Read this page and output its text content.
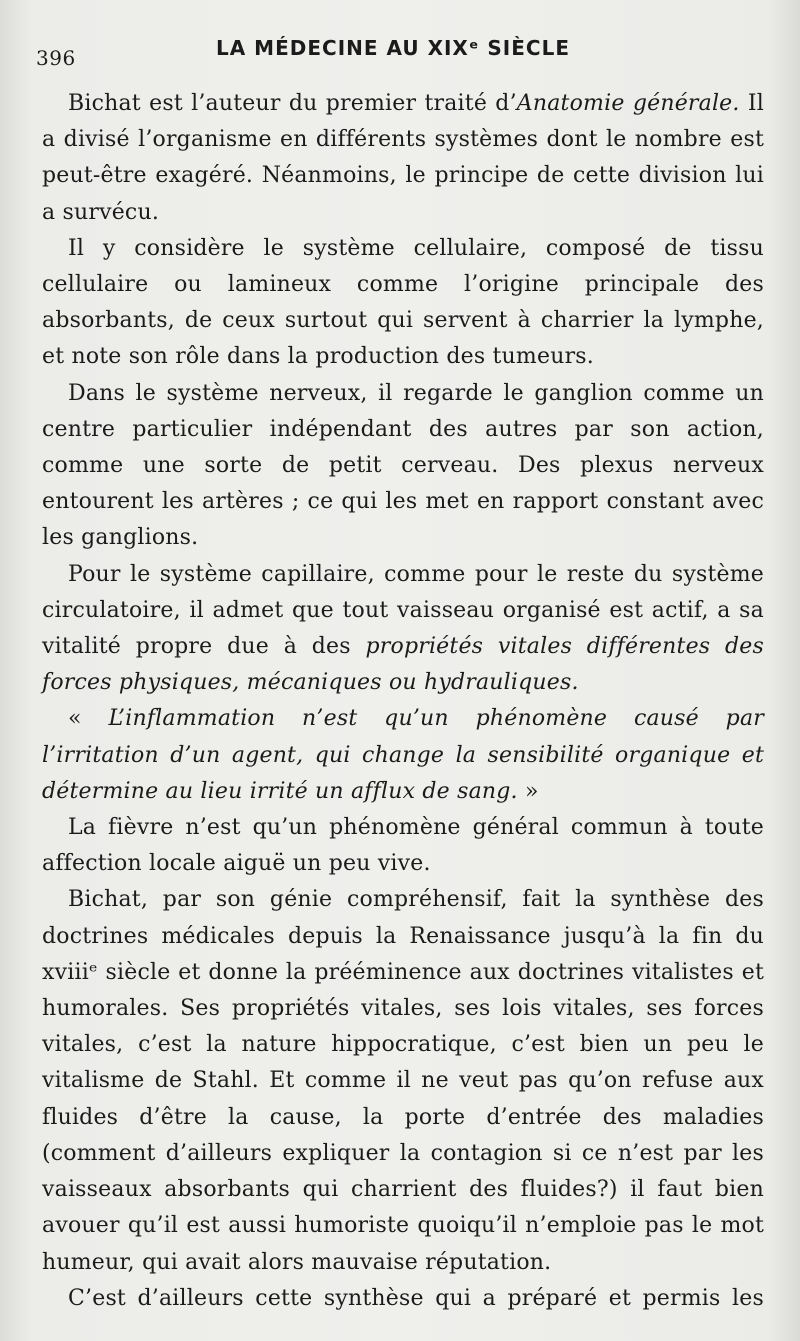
396	LA MÉDECINE AU XIXᵉ SIÈCLE

Bichat est l’auteur du premier traité d’Anatomie générale. Il a divisé l’organisme en différents systèmes dont le nombre est peut-être exagéré. Néanmoins, le principe de cette division lui a survécu.

Il y considère le système cellulaire, composé de tissu cellulaire ou lamineux comme l’origine principale des absorbants, de ceux surtout qui servent à charrier la lymphe, et note son rôle dans la production des tumeurs.

Dans le système nerveux, il regarde le ganglion comme un centre particulier indépendant des autres par son action, comme une sorte de petit cerveau. Des plexus nerveux entourent les artères ; ce qui les met en rapport constant avec les ganglions.

Pour le système capillaire, comme pour le reste du système circulatoire, il admet que tout vaisseau organisé est actif, a sa vitalité propre due à des propriétés vitales différentes des forces physiques, mécaniques ou hydrauliques.

« L’inflammation n’est qu’un phénomène causé par l’irritation d’un agent, qui change la sensibilité organique et détermine au lieu irrité un afflux de sang. »

La fièvre n’est qu’un phénomène général commun à toute affection locale aiguë un peu vive.

Bichat, par son génie compréhensif, fait la synthèse des doctrines médicales depuis la Renaissance jusqu’à la fin du xviiiᵉ siècle et donne la prééminence aux doctrines vitalistes et humorales. Ses propriétés vitales, ses lois vitales, ses forces vitales, c’est la nature hippocratique, c’est bien un peu le vitalisme de Stahl. Et comme il ne veut pas qu’on refuse aux fluides d’être la cause, la porte d’entrée des maladies (comment d’ailleurs expliquer la contagion si ce n’est par les vaisseaux absorbants qui charrient des fluides?) il faut bien avouer qu’il est aussi humoriste quoiqu’il n’emploie pas le mot humeur, qui avait alors mauvaise réputation.

C’est d’ailleurs cette synthèse qui a préparé et permis les
